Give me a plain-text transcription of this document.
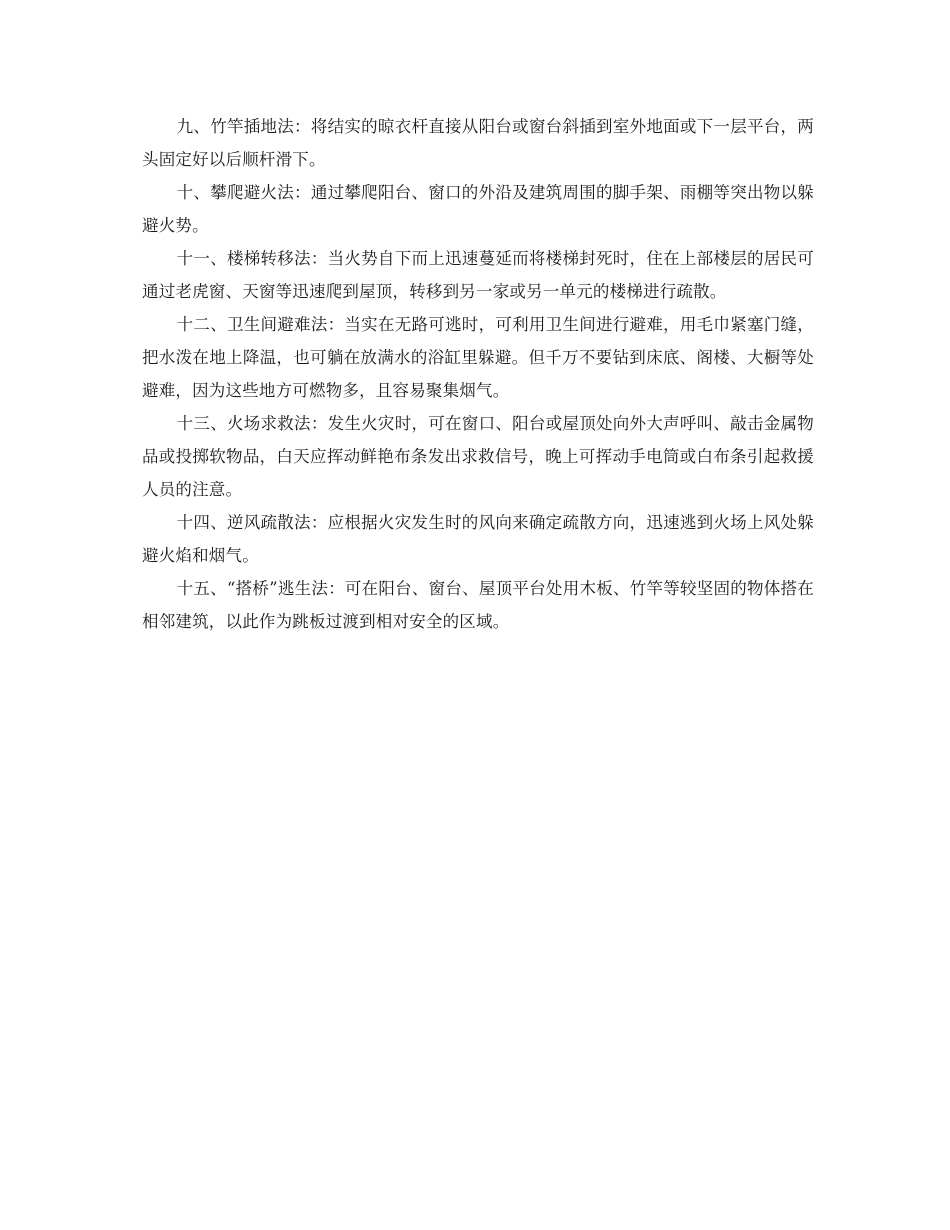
九、竹竿插地法：将结实的晾衣杆直接从阳台或窗台斜插到室外地面或下一层平台，两头固定好以后顺杆滑下。

十、攀爬避火法：通过攀爬阳台、窗口的外沿及建筑周围的脚手架、雨棚等突出物以躲避火势。

十一、楼梯转移法：当火势自下而上迅速蔓延而将楼梯封死时，住在上部楼层的居民可通过老虎窗、天窗等迅速爬到屋顶，转移到另一家或另一单元的楼梯进行疏散。

十二、卫生间避难法：当实在无路可逃时，可利用卫生间进行避难，用毛巾紧塞门缝，把水泼在地上降温，也可躺在放满水的浴缸里躲避。但千万不要钻到床底、阁楼、大橱等处避难，因为这些地方可燃物多，且容易聚集烟气。

十三、火场求救法：发生火灾时，可在窗口、阳台或屋顶处向外大声呼叫、敲击金属物品或投掷软物品，白天应挥动鲜艳布条发出求救信号，晚上可挥动手电筒或白布条引起救援人员的注意。

十四、逆风疏散法：应根据火灾发生时的风向来确定疏散方向，迅速逃到火场上风处躲避火焰和烟气。

十五、“搭桥”逃生法：可在阳台、窗台、屋顶平台处用木板、竹竿等较坚固的物体搭在相邻建筑，以此作为跳板过渡到相对安全的区域。
